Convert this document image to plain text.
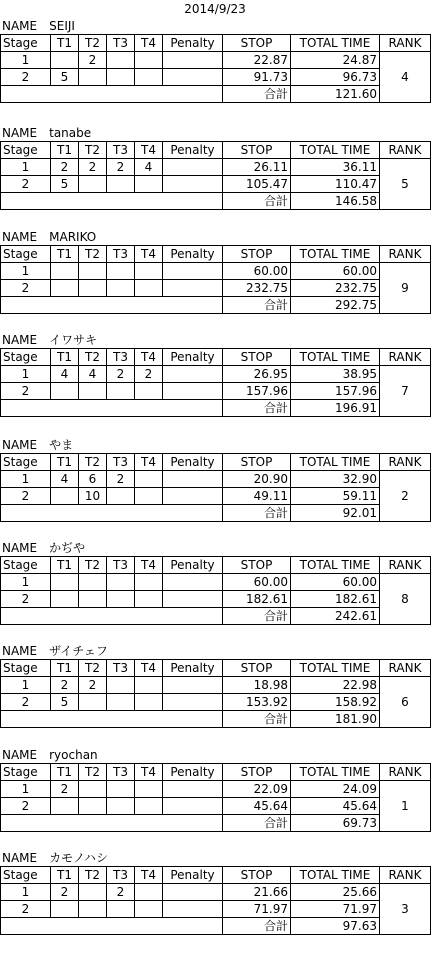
2014/9/23
NAME SEIJI
Stage	T1	T2	T3	T4	Penalty	STOP	TOTAL TIME	RANK
1		2				22.87	24.87	4
2	5					91.73	96.73	
						合計	121.60	
NAME tanabe
Stage	T1	T2	T3	T4	Penalty	STOP	TOTAL TIME	RANK
1	2	2	2	4		26.11	36.11	5
2	5					105.47	110.47	
						合計	146.58	
NAME MARIKO
Stage	T1	T2	T3	T4	Penalty	STOP	TOTAL TIME	RANK
1						60.00	60.00	9
2						232.75	232.75	
						合計	292.75	
NAME イワサキ
Stage	T1	T2	T3	T4	Penalty	STOP	TOTAL TIME	RANK
1	4	4	2	2		26.95	38.95	7
2						157.96	157.96	
						合計	196.91	
NAME やま
Stage	T1	T2	T3	T4	Penalty	STOP	TOTAL TIME	RANK
1	4	6	2			20.90	32.90	2
2		10				49.11	59.11	
						合計	92.01	
NAME かぢや
Stage	T1	T2	T3	T4	Penalty	STOP	TOTAL TIME	RANK
1						60.00	60.00	8
2						182.61	182.61	
						合計	242.61	
NAME ザイチェフ
Stage	T1	T2	T3	T4	Penalty	STOP	TOTAL TIME	RANK
1	2	2				18.98	22.98	6
2	5					153.92	158.92	
						合計	181.90	
NAME ryochan
Stage	T1	T2	T3	T4	Penalty	STOP	TOTAL TIME	RANK
1	2					22.09	24.09	1
2						45.64	45.64	
						合計	69.73	
NAME カモノハシ
Stage	T1	T2	T3	T4	Penalty	STOP	TOTAL TIME	RANK
1	2		2			21.66	25.66	3
2						71.97	71.97	
						合計	97.63	
